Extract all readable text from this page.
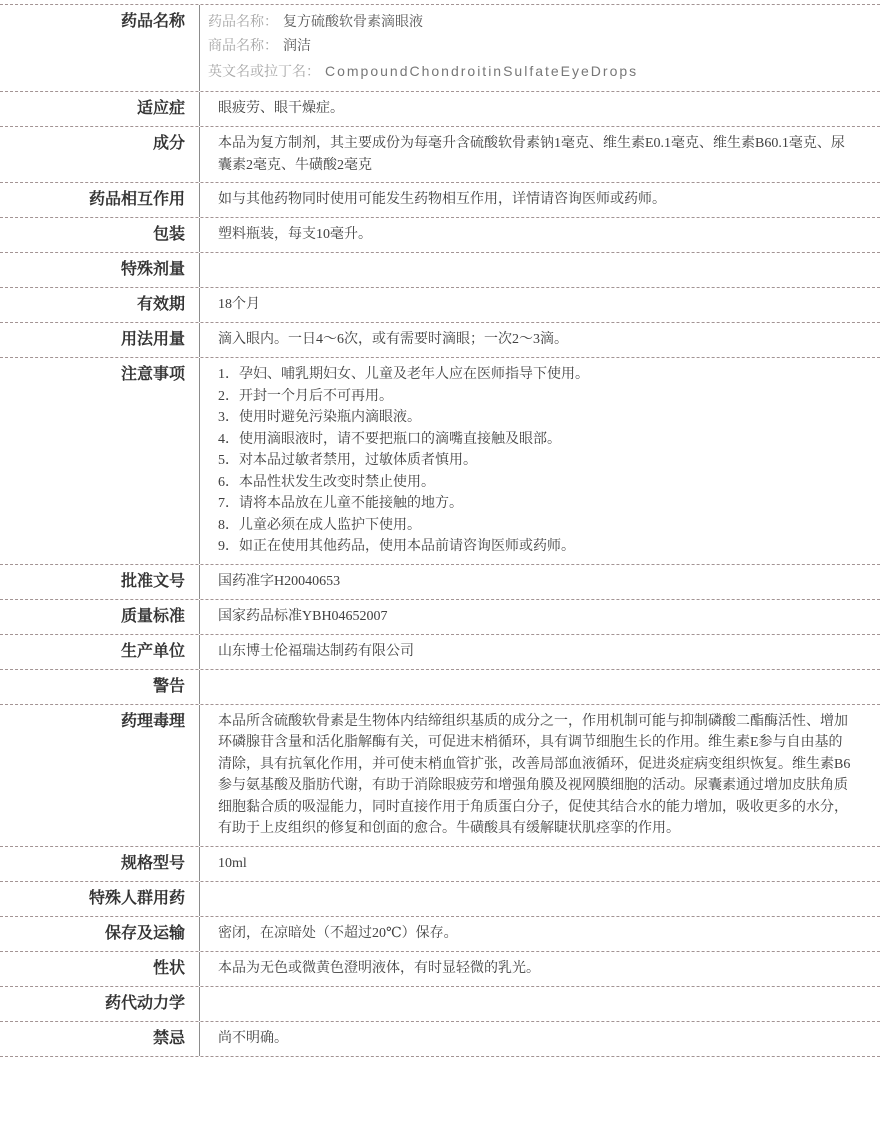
药品名称	药品名称： 复方硫酸软骨素滴眼液
商品名称： 润洁
英文名或拉丁名： CompoundChondroitinSulfateEyeDrops
适应症	眼疲劳、眼干燥症。
成分	本品为复方制剂，其主要成份为每毫升含硫酸软骨素钠1毫克、维生素E0.1毫克、维生素B60.1毫克、尿囊素2毫克、牛磺酸2毫克
药品相互作用	如与其他药物同时使用可能发生药物相互作用，详情请咨询医师或药师。
包装	塑料瓶装，每支10毫升。
特殊剂量
有效期	18个月
用法用量	滴入眼内。一日4～6次，或有需要时滴眼；一次2～3滴。
注意事项	1．孕妇、哺乳期妇女、儿童及老年人应在医师指导下使用。
2．开封一个月后不可再用。
3．使用时避免污染瓶内滴眼液。
4．使用滴眼液时，请不要把瓶口的滴嘴直接触及眼部。
5．对本品过敏者禁用，过敏体质者慎用。
6．本品性状发生改变时禁止使用。
7．请将本品放在儿童不能接触的地方。
8．儿童必须在成人监护下使用。
9．如正在使用其他药品，使用本品前请咨询医师或药师。
批准文号	国药准字H20040653
质量标准	国家药品标准YBH04652007
生产单位	山东博士伦福瑞达制药有限公司
警告
药理毒理	本品所含硫酸软骨素是生物体内结缔组织基质的成分之一，作用机制可能与抑制磷酸二酯酶活性、增加环磷腺苷含量和活化脂解酶有关，可促进末梢循环，具有调节细胞生长的作用。维生素E参与自由基的清除，具有抗氧化作用，并可使末梢血管扩张，改善局部血液循环，促进炎症病变组织恢复。维生素B6参与氨基酸及脂肪代谢，有助于消除眼疲劳和增强角膜及视网膜细胞的活动。尿囊素通过增加皮肤角质细胞黏合质的吸湿能力，同时直接作用于角质蛋白分子，促使其结合水的能力增加，吸收更多的水分，有助于上皮组织的修复和创面的愈合。牛磺酸具有缓解睫状肌痉挛的作用。
规格型号	10ml
特殊人群用药
保存及运输	密闭，在凉暗处（不超过20℃）保存。
性状	本品为无色或微黄色澄明液体，有时显轻微的乳光。
药代动力学
禁忌	尚不明确。
